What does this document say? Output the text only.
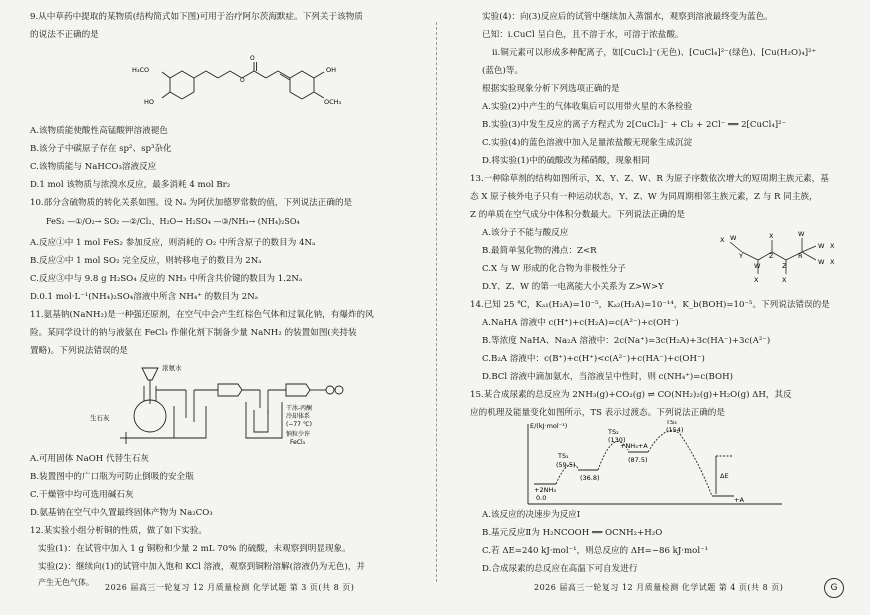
9.从中草药中提取的某物质(结构简式如下图)可用于治疗阿尔茨海默症。下列关于该物质
的说法不正确的是
O
O
H₃CO
HO
OH
OCH₃
A.该物质能使酸性高锰酸钾溶液褪色
B.该分子中碳原子存在 sp²、sp³杂化
C.该物质能与 NaHCO₃溶液反应
D.1 mol 该物质与浓溴水反应，最多消耗 4 mol Br₂
10.部分含硫物质的转化关系如图。设 Nₐ 为阿伏加德罗常数的值，下列说法正确的是
FeS₂ —①/O₂→ SO₂ —②/Cl₂、H₂O→ H₂SO₄ —③/NH₃→ (NH₄)₂SO₄
A.反应①中 1 mol FeS₂ 参加反应，则消耗的 O₂ 中所含原子的数目为 4Nₐ
B.反应②中 1 mol SO₂ 完全反应，则转移电子的数目为 2Nₐ
C.反应③中与 9.8 g H₂SO₄ 反应的 NH₃ 中所含共价键的数目为 1.2Nₐ
D.0.1 mol·L⁻¹(NH₄)₂SO₄溶液中所含 NH₄⁺ 的数目为 2Nₐ
11.氨基钠(NaNH₂)是一种强还原剂，在空气中会产生红棕色气体和过氧化钠，有爆炸的风
险。某同学设计的钠与液氨在 FeCl₃ 作催化剂下制备少量 NaNH₂ 的装置如图(夹持装
置略)。下列说法错误的是
浓氨水
生石灰
干冰-丙酮
冷却体系
(−77 ℃)
钠粒少许
FeCl₃
A.可用固体 NaOH 代替生石灰
B.装置图中的广口瓶为可防止倒吸的安全瓶
C.干燥管中均可选用碱石灰
D.氨基钠在空气中久置最终固体产物为 Na₂CO₃
12.某实验小组分析铜的性质，做了如下实验。
实验(1)：在试管中加入 1 g 铜粉和少量 2 mL 70% 的硫酸，未观察到明显现象。
实验(2)：继续向(1)的试管中加入饱和 KCl 溶液，观察到铜粉溶解(溶液仍为无色)，并
产生无色气体。
2026 届高三一轮复习 12 月质量检测 化学试题 第 3 页(共 8 页)
实验(4)：向(3)反应后的试管中继续加入蒸馏水，观察到溶液最终变为蓝色。
已知：ⅰ.CuCl 呈白色，且不溶于水，可溶于浓盐酸。
ⅱ.铜元素可以形成多种配离子，如[CuCl₂]⁻(无色)、[CuCl₄]²⁻(绿色)、[Cu(H₂O)₄]²⁺
(蓝色)等。
根据实验现象分析下列选项正确的是
A.实验(2)中产生的气体收集后可以用带火星的木条检验
B.实验(3)中发生反应的离子方程式为 2[CuCl₂]⁻ + Cl₂ + 2Cl⁻ ══ 2[CuCl₄]²⁻
C.实验(4)的蓝色溶液中加入足量浓盐酸无现象生成沉淀
D.将实验(1)中的硫酸改为稀硝酸，现象相同
13.一种除草剂的结构如图所示，X、Y、Z、W、R 为原子序数依次增大的短周期主族元素，基
态 X 原子核外电子只有一种运动状态，Y、Z、W 为同周期相邻主族元素，Z 与 R 同主族，
Z 的单质在空气成分中体积分数最大。下列说法正确的是
A.该分子不能与酸反应
B.最简单氢化物的沸点：Z<R
C.X 与 W 形成的化合物为非极性分子
D.Y、Z、W 的第一电离能大小关系为 Z>W>Y
X W
Y
W
Z
Z
R
W X
W X
X	X
W
X
14.已知 25 ℃，Kₐ₁(H₂A)=10⁻⁵，Kₐ₂(H₂A)=10⁻¹⁴，K_b(BOH)=10⁻⁵。下列说法错误的是
A.NaHA 溶液中 c(H⁺)+c(H₂A)=c(A²⁻)+c(OH⁻)
B.等浓度 NaHA、Na₂A 溶液中：2c(Na⁺)=3c(H₂A)+3c(HA⁻)+3c(A²⁻)
C.B₂A 溶液中：c(B⁺)+c(H⁺)<c(A²⁻)+c(HA⁻)+c(OH⁻)
D.BCl 溶液中滴加氨水，当溶液呈中性时，则 c(NH₄⁺)=c(BOH)
15.某合成尿素的总反应为 2NH₃(g)+CO₂(g) ⇌ CO(NH₂)₂(g)+H₂O(g) ΔH，其反
应的机理及能量变化如图所示，TS 表示过渡态。下列说法正确的是
E/(kJ·mol⁻¹)
0.0
+2NH₃
TS₁
(59.5)
(36.8)
TS₂
(130)
(87.5)
+NH₃+A
TS₃
(154)
ΔE
+A
A.该反应的决速步为反应Ⅰ
B.基元反应Ⅱ为 H₂NCOOH ══ OCNH₂+H₂O
C.若 ΔE=240 kJ·mol⁻¹，则总反应的 ΔH=−86 kJ·mol⁻¹
D.合成尿素的总反应在高温下可自发进行
2026 届高三一轮复习 12 月质量检测 化学试题 第 4 页(共 8 页)	G
